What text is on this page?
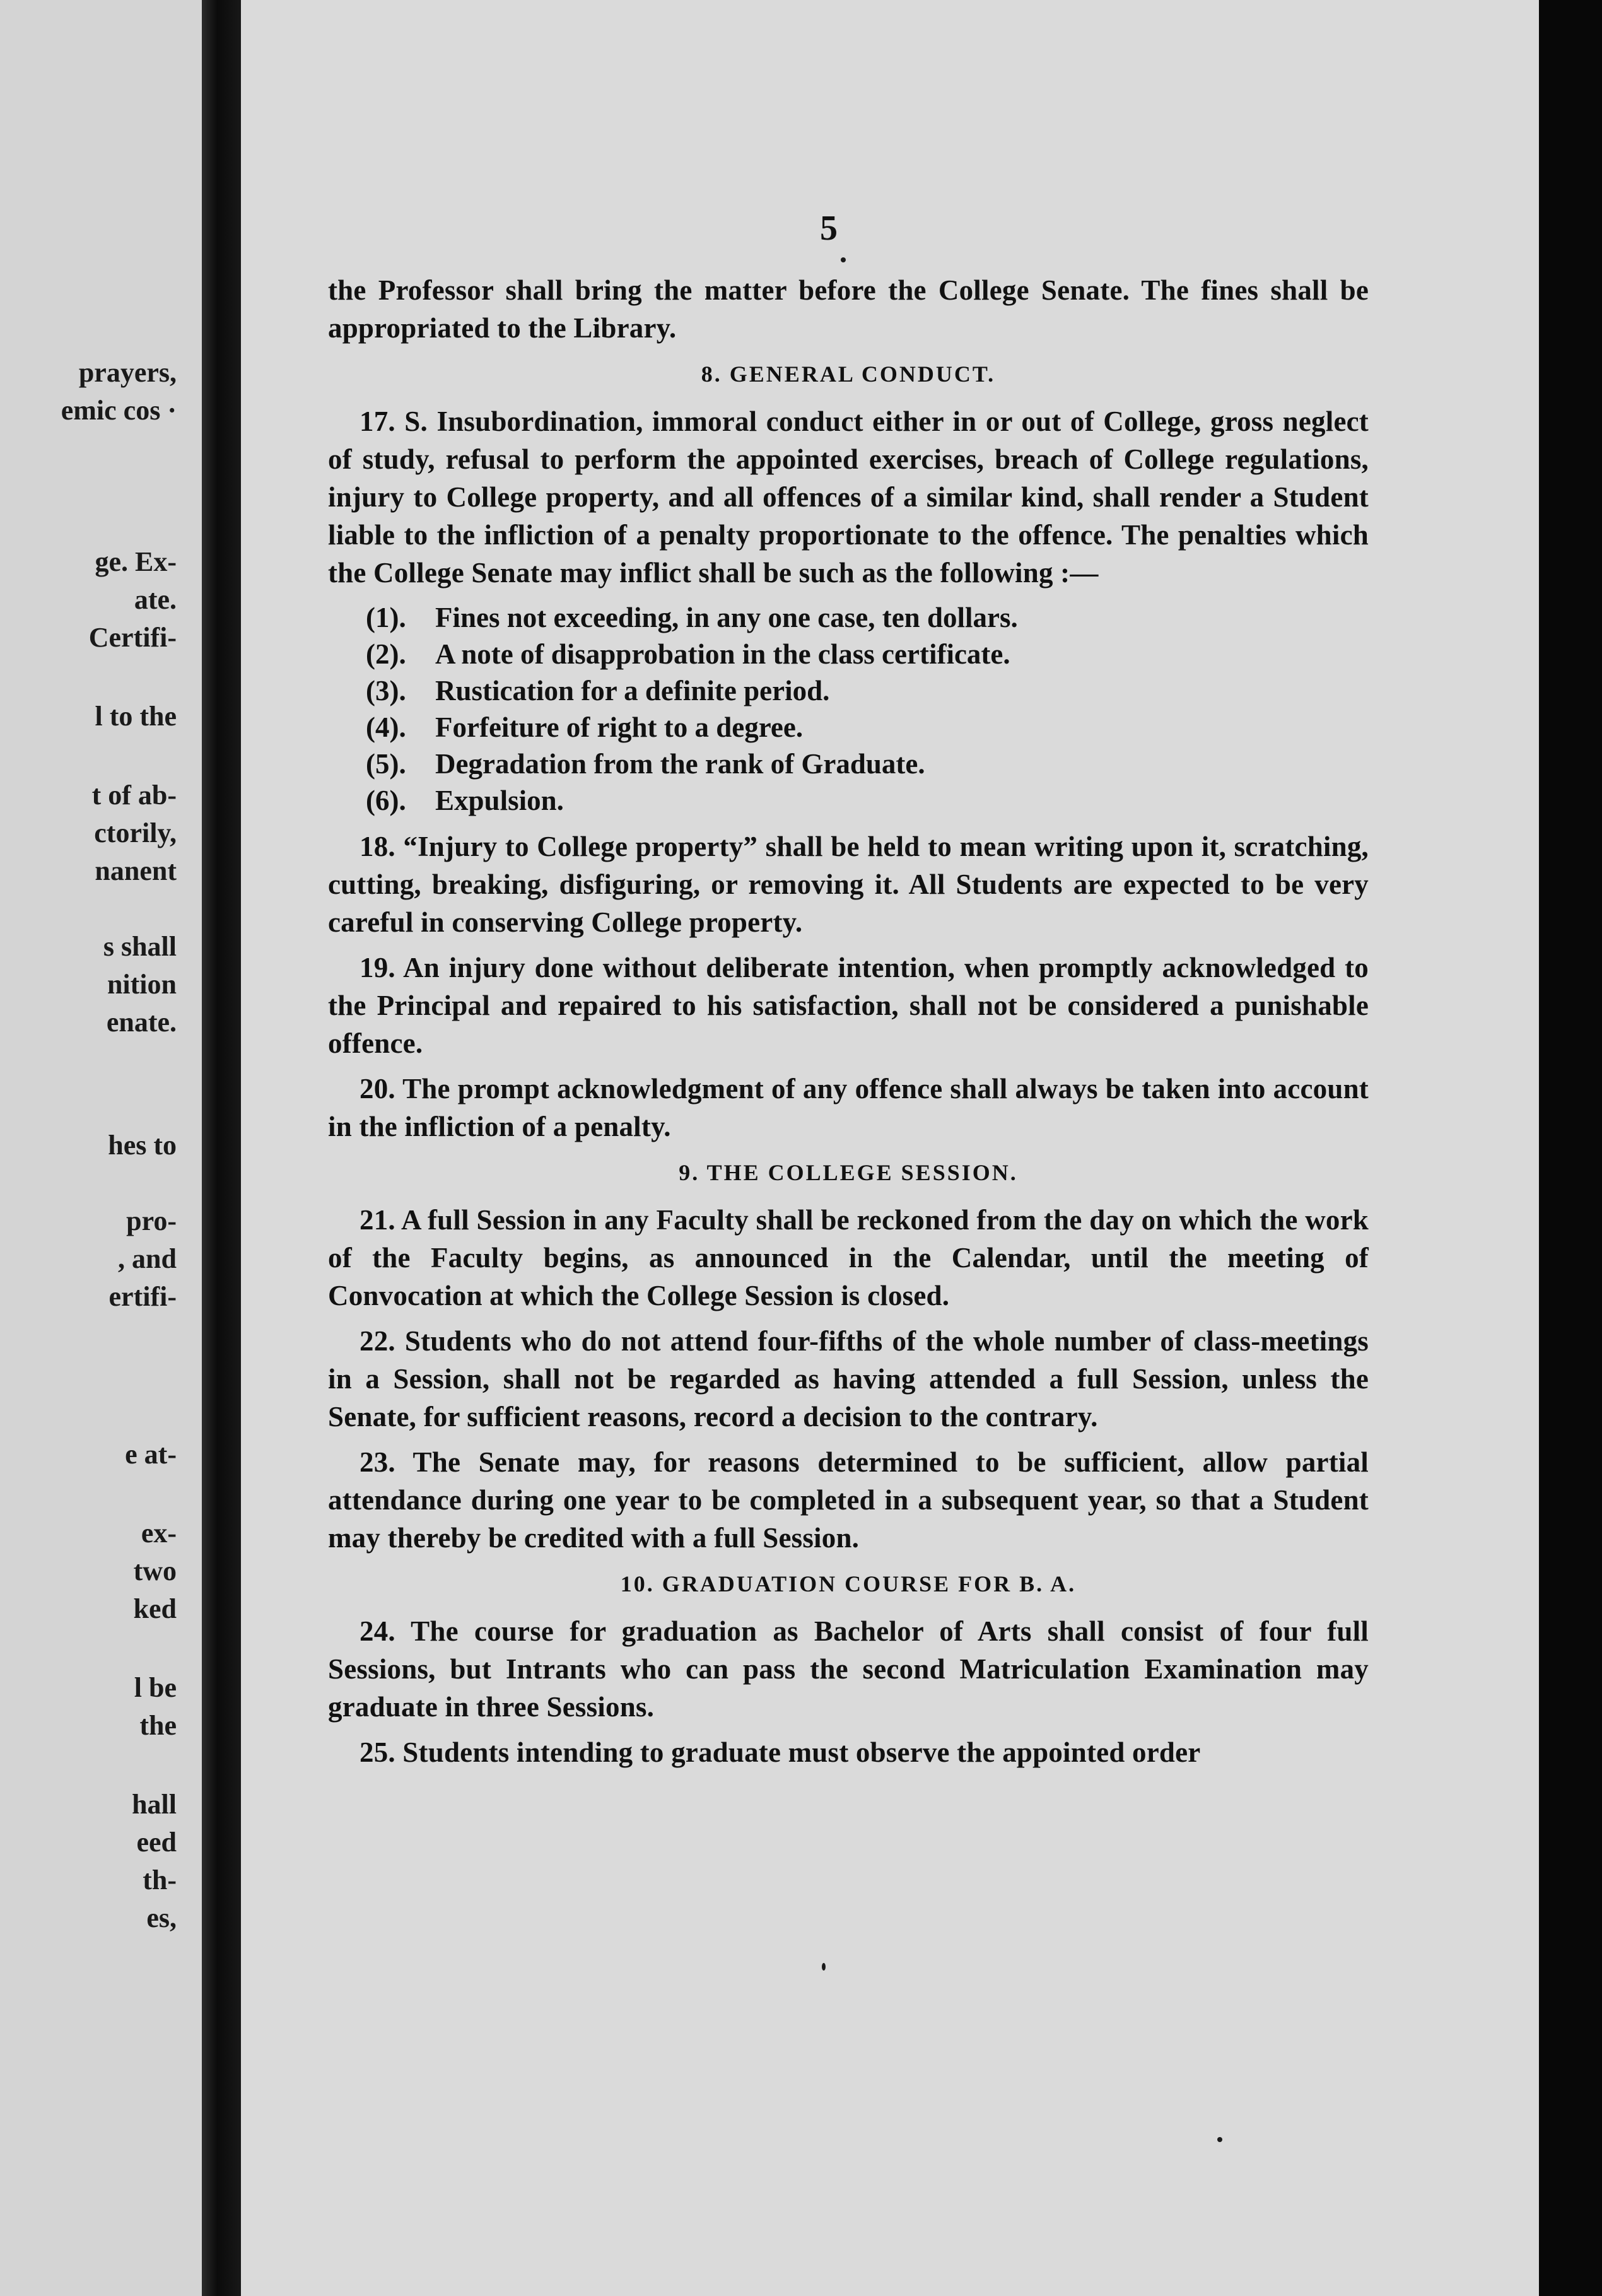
prayers,
emic cos ·
ge. Ex-
ate.
Certifi-
l to the
t of ab-
ctorily,
nanent
s shall
nition
enate.
hes to
pro-
, and
ertifi-
e at-
ex-
two
ked
l be
the
hall
eed
th-
es,
5

the Professor shall bring the matter before the College Senate. The fines shall be appropriated to the Library.

8. GENERAL CONDUCT.

17. S. Insubordination, immoral conduct either in or out of College, gross neglect of study, refusal to perform the appointed exercises, breach of College regulations, injury to College property, and all offences of a similar kind, shall render a Student liable to the infliction of a penalty proportionate to the offence. The penalties which the College Senate may inflict shall be such as the following :—

(1). Fines not exceeding, in any one case, ten dollars.
(2). A note of disapprobation in the class certificate.
(3). Rustication for a definite period.
(4). Forfeiture of right to a degree.
(5). Degradation from the rank of Graduate.
(6). Expulsion.

18. “Injury to College property” shall be held to mean writing upon it, scratching, cutting, breaking, disfiguring, or removing it. All Students are expected to be very careful in conserving College property.

19. An injury done without deliberate intention, when promptly acknowledged to the Principal and repaired to his satisfaction, shall not be considered a punishable offence.

20. The prompt acknowledgment of any offence shall always be taken into account in the infliction of a penalty.

9. THE COLLEGE SESSION.

21. A full Session in any Faculty shall be reckoned from the day on which the work of the Faculty begins, as announced in the Calendar, until the meeting of Convocation at which the College Session is closed.

22. Students who do not attend four-fifths of the whole number of class-meetings in a Session, shall not be regarded as having attended a full Session, unless the Senate, for sufficient reasons, record a decision to the contrary.

23. The Senate may, for reasons determined to be sufficient, allow partial attendance during one year to be completed in a subsequent year, so that a Student may thereby be credited with a full Session.

10. GRADUATION COURSE FOR B. A.

24. The course for graduation as Bachelor of Arts shall consist of four full Sessions, but Intrants who can pass the second Matriculation Examination may graduate in three Sessions.

25. Students intending to graduate must observe the appointed order
